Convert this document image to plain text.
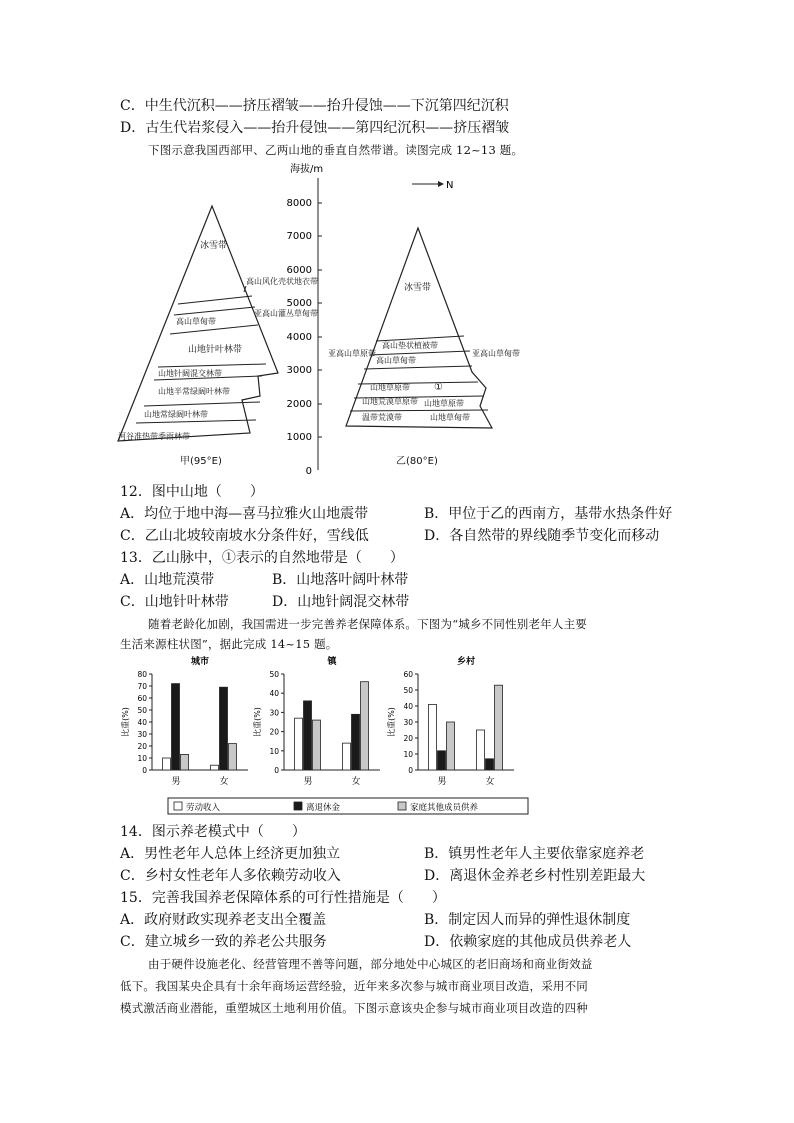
C．中生代沉积——挤压褶皱——抬升侵蚀——下沉第四纪沉积
D．古生代岩浆侵入——抬升侵蚀——第四纪沉积——挤压褶皱
下图示意我国西部甲、乙两山地的垂直自然带谱。读图完成 12~13 题。
海拔/m
8000
7000
6000
5000
4000
3000
2000
1000
0
N
冰雪带
高山风化壳状地衣带
高山草甸带
亚高山灌丛草甸带
山地针叶林带
山地针阔混交林带
山地半常绿阔叶林带
山地常绿阔叶林带
河谷准热带季雨林带
甲(95°E)
冰雪带
高山垫状植被带
高山草甸带
亚高山草原带	亚高山草甸带
山地草原带 ①
山地荒漠草原带 山地草原带
山地草甸带
温带荒漠带
乙(80°E)
12．图中山地（　　）
A．均位于地中海—喜马拉雅火山地震带	B．甲位于乙的西南方，基带水热条件好
C．乙山北坡较南坡水分条件好，雪线低	D．各自然带的界线随季节变化而移动
13．乙山脉中，①表示的自然地带是（　　）
A．山地荒漠带	B．山地落叶阔叶林带
C．山地针叶林带	D．山地针阔混交林带
随着老龄化加剧，我国需进一步完善养老保障体系。下图为“城乡不同性别老年人主要
生活来源柱状图”，据此完成 14~15 题。
城市
比重(%)
80
70
60
50
40
30
20
10
0
男	女
镇
比重(%)
50
40
30
20
10
0
男	女
乡村
比重(%)
60
50
40
30
20
10
0
男	女
劳动收入	离退休金	家庭其他成员供养
14．图示养老模式中（　　）
A．男性老年人总体上经济更加独立	B．镇男性老年人主要依靠家庭养老
C．乡村女性老年人多依赖劳动收入	D．离退休金养老乡村性别差距最大
15．完善我国养老保障体系的可行性措施是（　　）
A．政府财政实现养老支出全覆盖	B．制定因人而异的弹性退休制度
C．建立城乡一致的养老公共服务	D．依赖家庭的其他成员供养老人
由于硬件设施老化、经营管理不善等问题，部分地处中心城区的老旧商场和商业街效益
低下。我国某央企具有十余年商场运营经验，近年来多次参与城市商业项目改造，采用不同
模式激活商业潜能，重塑城区土地利用价值。下图示意该央企参与城市商业项目改造的四种
